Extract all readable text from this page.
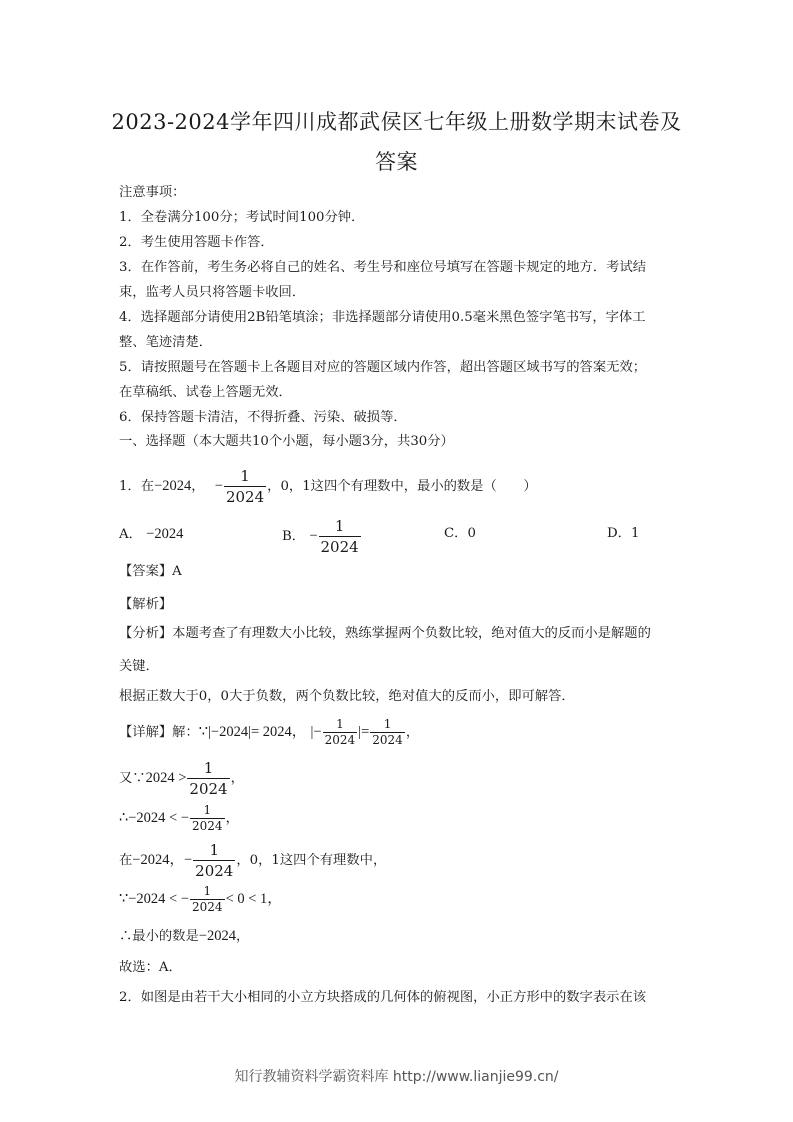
2023-2024学年四川成都武侯区七年级上册数学期末试卷及
答案
注意事项：
1．全卷满分100分；考试时间100分钟．
2．考生使用答题卡作答．
3．在作答前，考生务必将自己的姓名、考生号和座位号填写在答题卡规定的地方．考试结
束，监考人员只将答题卡收回．
4．选择题部分请使用2B铅笔填涂；非选择题部分请使用0.5毫米黑色签字笔书写，字体工
整、笔迹清楚．
5．请按照题号在答题卡上各题目对应的答题区域内作答，超出答题区域书写的答案无效；
在草稿纸、试卷上答题无效．
6．保持答题卡清洁，不得折叠、污染、破损等．
一、选择题（本大题共10个小题，每小题3分，共30分）
1．在−2024， − $\frac{1}{2024}$ ，0，1这四个有理数中，最小的数是（　　）
A． −2024	B． − $\frac{1}{2024}$	C．0	D．1
【答案】A
【解析】
【分析】本题考查了有理数大小比较，熟练掌握两个负数比较，绝对值大的反而小是解题的
关键．
根据正数大于0，0大于负数，两个负数比较，绝对值大的反而小，即可解答．
【详解】解：∵|−2024|= 2024， |− $\frac{1}{2024}$ |= $\frac{1}{2024}$ ，
又∵2024 > $\frac{1}{2024}$ ，
∴−2024 < − $\frac{1}{2024}$ ，
在−2024，− $\frac{1}{2024}$ ，0，1这四个有理数中，
∵−2024 < − $\frac{1}{2024} < 0 < 1$，
∴最小的数是−2024，
故选：A．
2．如图是由若干大小相同的小立方块搭成的几何体的俯视图，小正方形中的数字表示在该
知行教辅资料学霸资料库 http://www.lianjie99.cn/
